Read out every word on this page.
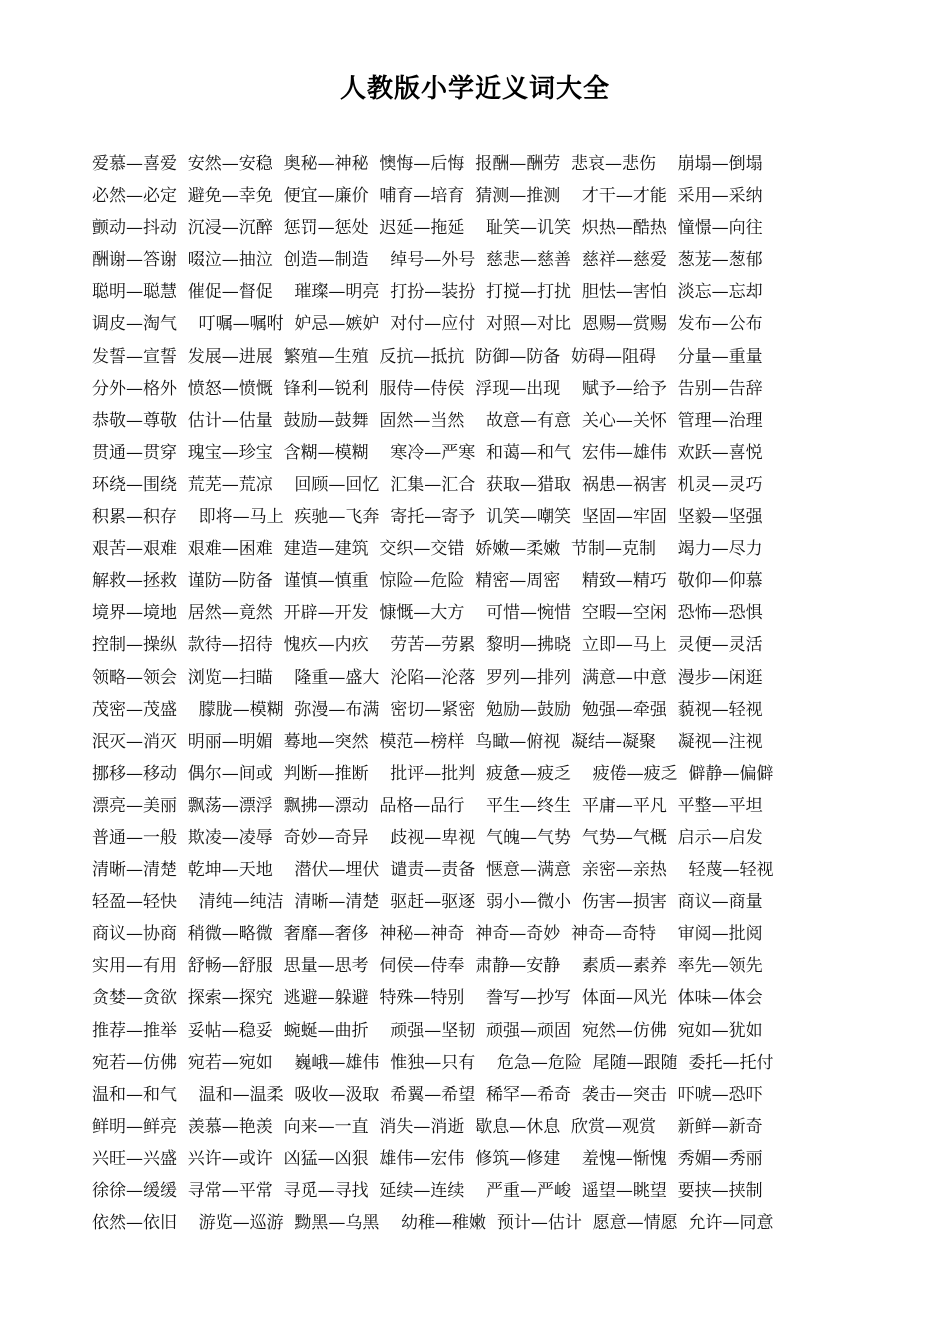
人教版小学近义词大全
爱慕—喜爱  安然—安稳  奥秘—神秘  懊悔—后悔  报酬—酬劳  悲哀—悲伤    崩塌—倒塌
必然—必定  避免—幸免  便宜—廉价  哺育—培育  猜测—推测    才干—才能  采用—采纳
颤动—抖动  沉浸—沉醉  惩罚—惩处  迟延—拖延    耻笑—讥笑  炽热—酷热  憧憬—向往
酬谢—答谢  啜泣—抽泣  创造—制造    绰号—外号  慈悲—慈善  慈祥—慈爱  葱茏—葱郁
聪明—聪慧  催促—督促    璀璨—明亮  打扮—装扮  打搅—打扰  胆怯—害怕  淡忘—忘却
调皮—淘气    叮嘱—嘱咐  妒忌—嫉妒  对付—应付  对照—对比  恩赐—赏赐  发布—公布
发誓—宣誓  发展—进展  繁殖—生殖  反抗—抵抗  防御—防备  妨碍—阻碍    分量—重量
分外—格外  愤怒—愤慨  锋利—锐利  服侍—侍侯  浮现—出现    赋予—给予  告别—告辞
恭敬—尊敬  估计—估量  鼓励—鼓舞  固然—当然    故意—有意  关心—关怀  管理—治理
贯通—贯穿  瑰宝—珍宝  含糊—模糊    寒冷—严寒  和蔼—和气  宏伟—雄伟  欢跃—喜悦
环绕—围绕  荒芜—荒凉    回顾—回忆  汇集—汇合  获取—猎取  祸患—祸害  机灵—灵巧
积累—积存    即将—马上  疾驰—飞奔  寄托—寄予  讥笑—嘲笑  坚固—牢固  坚毅—坚强
艰苦—艰难  艰难—困难  建造—建筑  交织—交错  娇嫩—柔嫩  节制—克制    竭力—尽力
解救—拯救  谨防—防备  谨慎—慎重  惊险—危险  精密—周密    精致—精巧  敬仰—仰慕
境界—境地  居然—竟然  开辟—开发  慷慨—大方    可惜—惋惜  空暇—空闲  恐怖—恐惧
控制—操纵  款待—招待  愧疚—内疚    劳苦—劳累  黎明—拂晓  立即—马上  灵便—灵活
领略—领会  浏览—扫瞄    隆重—盛大  沦陷—沦落  罗列—排列  满意—中意  漫步—闲逛
茂密—茂盛    朦胧—模糊  弥漫—布满  密切—紧密  勉励—鼓励  勉强—牵强  藐视—轻视
泯灭—消灭  明丽—明媚  蓦地—突然  模范—榜样  鸟瞰—俯视  凝结—凝聚    凝视—注视
挪移—移动  偶尔—间或  判断—推断    批评—批判  疲惫—疲乏    疲倦—疲乏  僻静—偏僻
漂亮—美丽  飘荡—漂浮  飘拂—漂动  品格—品行    平生—终生  平庸—平凡  平整—平坦
普通—一般  欺凌—凌辱  奇妙—奇异    歧视—卑视  气魄—气势  气势—气概  启示—启发
清晰—清楚  乾坤—天地    潜伏—埋伏  谴责—责备  惬意—满意  亲密—亲热    轻蔑—轻视
轻盈—轻快    清纯—纯洁  清晰—清楚  驱赶—驱逐  弱小—微小  伤害—损害  商议—商量
商议—协商  稍微—略微  奢靡—奢侈  神秘—神奇  神奇—奇妙  神奇—奇特    审阅—批阅
实用—有用  舒畅—舒服  思量—思考  伺侯—侍奉  肃静—安静    素质—素养  率先—领先
贪婪—贪欲  探索—探究  逃避—躲避  特殊—特别    誊写—抄写  体面—风光  体味—体会
推荐—推举  妥帖—稳妥  蜿蜒—曲折    顽强—坚韧  顽强—顽固  宛然—仿佛  宛如—犹如
宛若—仿佛  宛若—宛如    巍峨—雄伟  惟独—只有    危急—危险  尾随—跟随  委托—托付
温和—和气    温和—温柔  吸收—汲取  希翼—希望  稀罕—希奇  袭击—突击  吓唬—恐吓
鲜明—鲜亮  羡慕—艳羡  向来—一直  消失—消逝  歇息—休息  欣赏—观赏    新鲜—新奇
兴旺—兴盛  兴许—或许  凶猛—凶狠  雄伟—宏伟  修筑—修建    羞愧—惭愧  秀媚—秀丽
徐徐—缓缓  寻常—平常  寻觅—寻找  延续—连续    严重—严峻  遥望—眺望  要挟—挟制
依然—依旧    游览—巡游  黝黑—乌黑    幼稚—稚嫩  预计—估计  愿意—情愿  允许—同意
